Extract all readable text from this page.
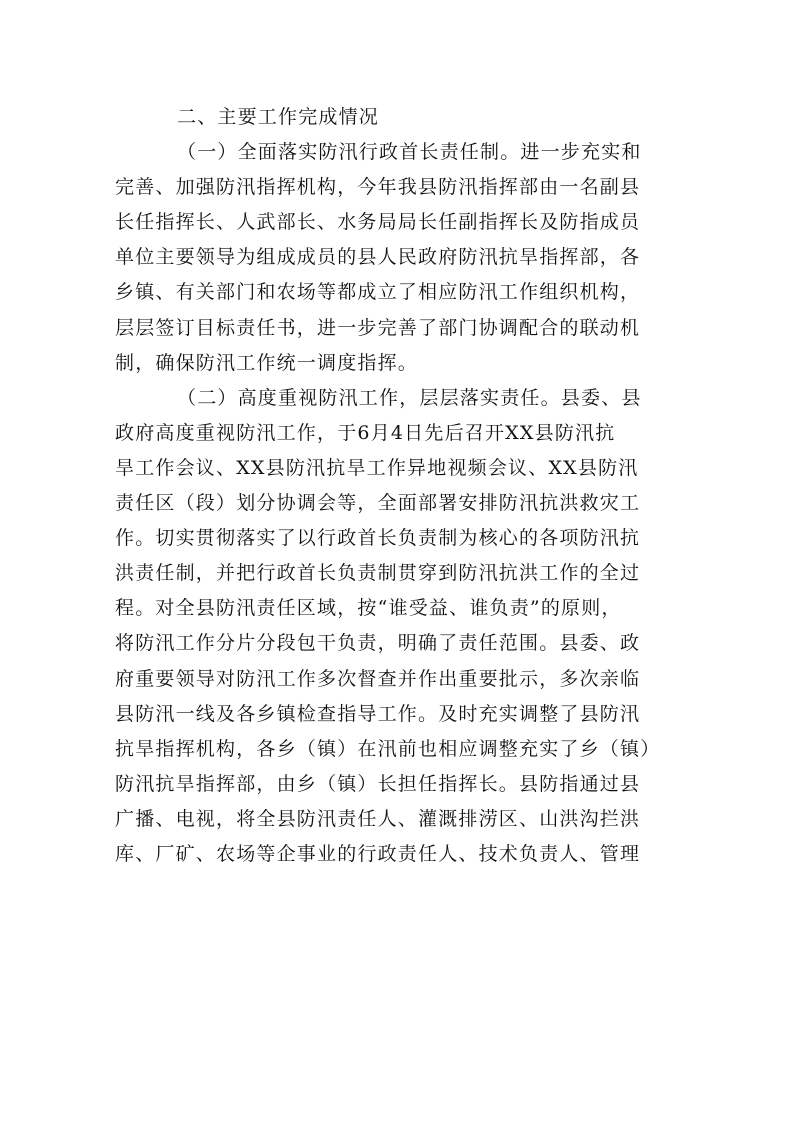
二、主要工作完成情况
（一）全面落实防汛行政首长责任制。进一步充实和
完善、加强防汛指挥机构，今年我县防汛指挥部由一名副县
长任指挥长、人武部长、水务局局长任副指挥长及防指成员
单位主要领导为组成成员的县人民政府防汛抗旱指挥部，各
乡镇、有关部门和农场等都成立了相应防汛工作组织机构，
层层签订目标责任书，进一步完善了部门协调配合的联动机
制，确保防汛工作统一调度指挥。
（二）高度重视防汛工作，层层落实责任。县委、县
政府高度重视防汛工作，于6月4日先后召开XX县防汛抗
旱工作会议、XX县防汛抗旱工作异地视频会议、XX县防汛
责任区（段）划分协调会等，全面部署安排防汛抗洪救灾工
作。切实贯彻落实了以行政首长负责制为核心的各项防汛抗
洪责任制，并把行政首长负责制贯穿到防汛抗洪工作的全过
程。对全县防汛责任区域，按“谁受益、谁负责”的原则，
将防汛工作分片分段包干负责，明确了责任范围。县委、政
府重要领导对防汛工作多次督查并作出重要批示，多次亲临
县防汛一线及各乡镇检查指导工作。及时充实调整了县防汛
抗旱指挥机构，各乡（镇）在汛前也相应调整充实了乡（镇）
防汛抗旱指挥部，由乡（镇）长担任指挥长。县防指通过县
广播、电视，将全县防汛责任人、灌溉排涝区、山洪沟拦洪
库、厂矿、农场等企事业的行政责任人、技术负责人、管理
